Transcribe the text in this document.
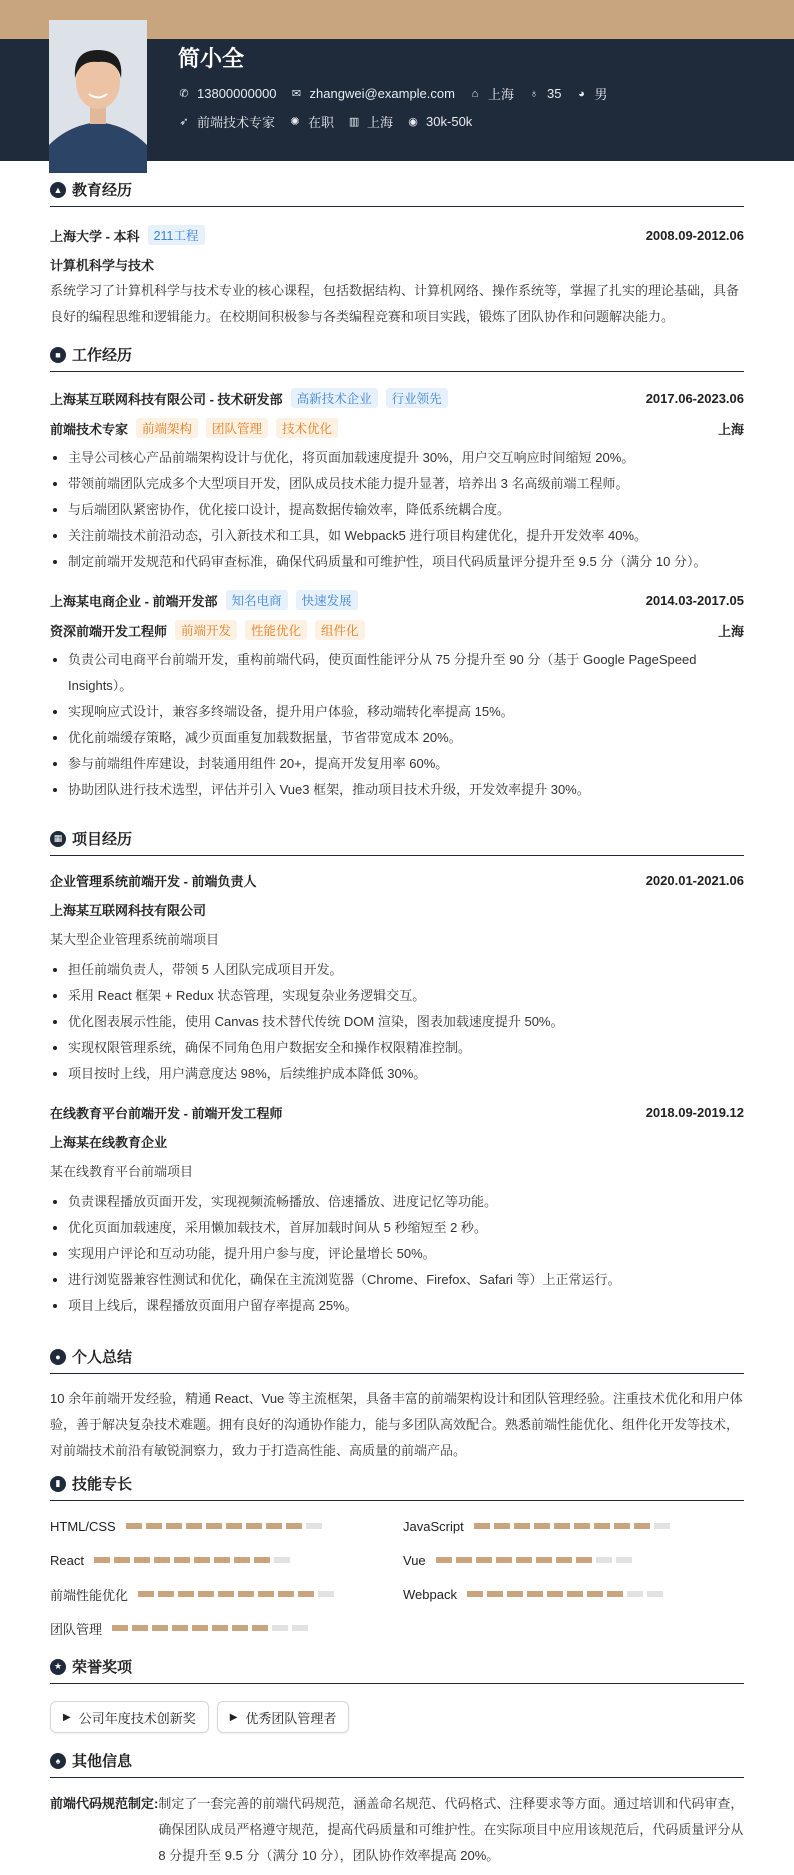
简小全
✆ 13800000000 ✉ zhangwei@example.com ⌂ 上海 ♁ 35 ◕ 男
➶ 前端技术专家 ✺ 在职 ▥ 上海 ◉ 30k-50k
▲ 教育经历
上海大学 - 本科	211工程	2008.09-2012.06
计算机科学与技术
系统学习了计算机科学与技术专业的核心课程，包括数据结构、计算机网络、操作系统等，掌握了扎实的理论基础，具备良好的编程思维和逻辑能力。在校期间积极参与各类编程竞赛和项目实践，锻炼了团队协作和问题解决能力。
■ 工作经历
上海某互联网科技有限公司 - 技术研发部	高新技术企业	行业领先	2017.06-2023.06
前端技术专家	前端架构	团队管理	技术优化	上海
主导公司核心产品前端架构设计与优化，将页面加载速度提升 30%，用户交互响应时间缩短 20%。
带领前端团队完成多个大型项目开发，团队成员技术能力提升显著，培养出 3 名高级前端工程师。
与后端团队紧密协作，优化接口设计，提高数据传输效率，降低系统耦合度。
关注前端技术前沿动态，引入新技术和工具，如 Webpack5 进行项目构建优化，提升开发效率 40%。
制定前端开发规范和代码审查标准，确保代码质量和可维护性，项目代码质量评分提升至 9.5 分（满分 10 分）。
上海某电商企业 - 前端开发部	知名电商	快速发展	2014.03-2017.05
资深前端开发工程师	前端开发	性能优化	组件化	上海
负责公司电商平台前端开发，重构前端代码，使页面性能评分从 75 分提升至 90 分（基于 Google PageSpeed Insights）。
实现响应式设计，兼容多终端设备，提升用户体验，移动端转化率提高 15%。
优化前端缓存策略，减少页面重复加载数据量，节省带宽成本 20%。
参与前端组件库建设，封装通用组件 20+，提高开发复用率 60%。
协助团队进行技术选型，评估并引入 Vue3 框架，推动项目技术升级，开发效率提升 30%。
▦ 项目经历
企业管理系统前端开发 - 前端负责人	2020.01-2021.06
上海某互联网科技有限公司
某大型企业管理系统前端项目
担任前端负责人，带领 5 人团队完成项目开发。
采用 React 框架 + Redux 状态管理，实现复杂业务逻辑交互。
优化图表展示性能，使用 Canvas 技术替代传统 DOM 渲染，图表加载速度提升 50%。
实现权限管理系统，确保不同角色用户数据安全和操作权限精准控制。
项目按时上线，用户满意度达 98%，后续维护成本降低 30%。
在线教育平台前端开发 - 前端开发工程师	2018.09-2019.12
上海某在线教育企业
某在线教育平台前端项目
负责课程播放页面开发，实现视频流畅播放、倍速播放、进度记忆等功能。
优化页面加载速度，采用懒加载技术，首屏加载时间从 5 秒缩短至 2 秒。
实现用户评论和互动功能，提升用户参与度，评论量增长 50%。
进行浏览器兼容性测试和优化，确保在主流浏览器（Chrome、Firefox、Safari 等）上正常运行。
项目上线后，课程播放页面用户留存率提高 25%。
● 个人总结
10 余年前端开发经验，精通 React、Vue 等主流框架，具备丰富的前端架构设计和团队管理经验。注重技术优化和用户体验，善于解决复杂技术难题。拥有良好的沟通协作能力，能与多团队高效配合。熟悉前端性能优化、组件化开发等技术，对前端技术前沿有敏锐洞察力，致力于打造高性能、高质量的前端产品。
▮ 技能专长
HTML/CSS	JavaScript
React	Vue
前端性能优化	Webpack
团队管理
★ 荣誉奖项
▶ 公司年度技术创新奖	▶ 优秀团队管理者
♠ 其他信息
前端代码规范制定: 制定了一套完善的前端代码规范，涵盖命名规范、代码格式、注释要求等方面。通过培训和代码审查，确保团队成员严格遵守规范，提高代码质量和可维护性。在实际项目中应用该规范后，代码质量评分从 8 分提升至 9.5 分（满分 10 分），团队协作效率提高 20%。
